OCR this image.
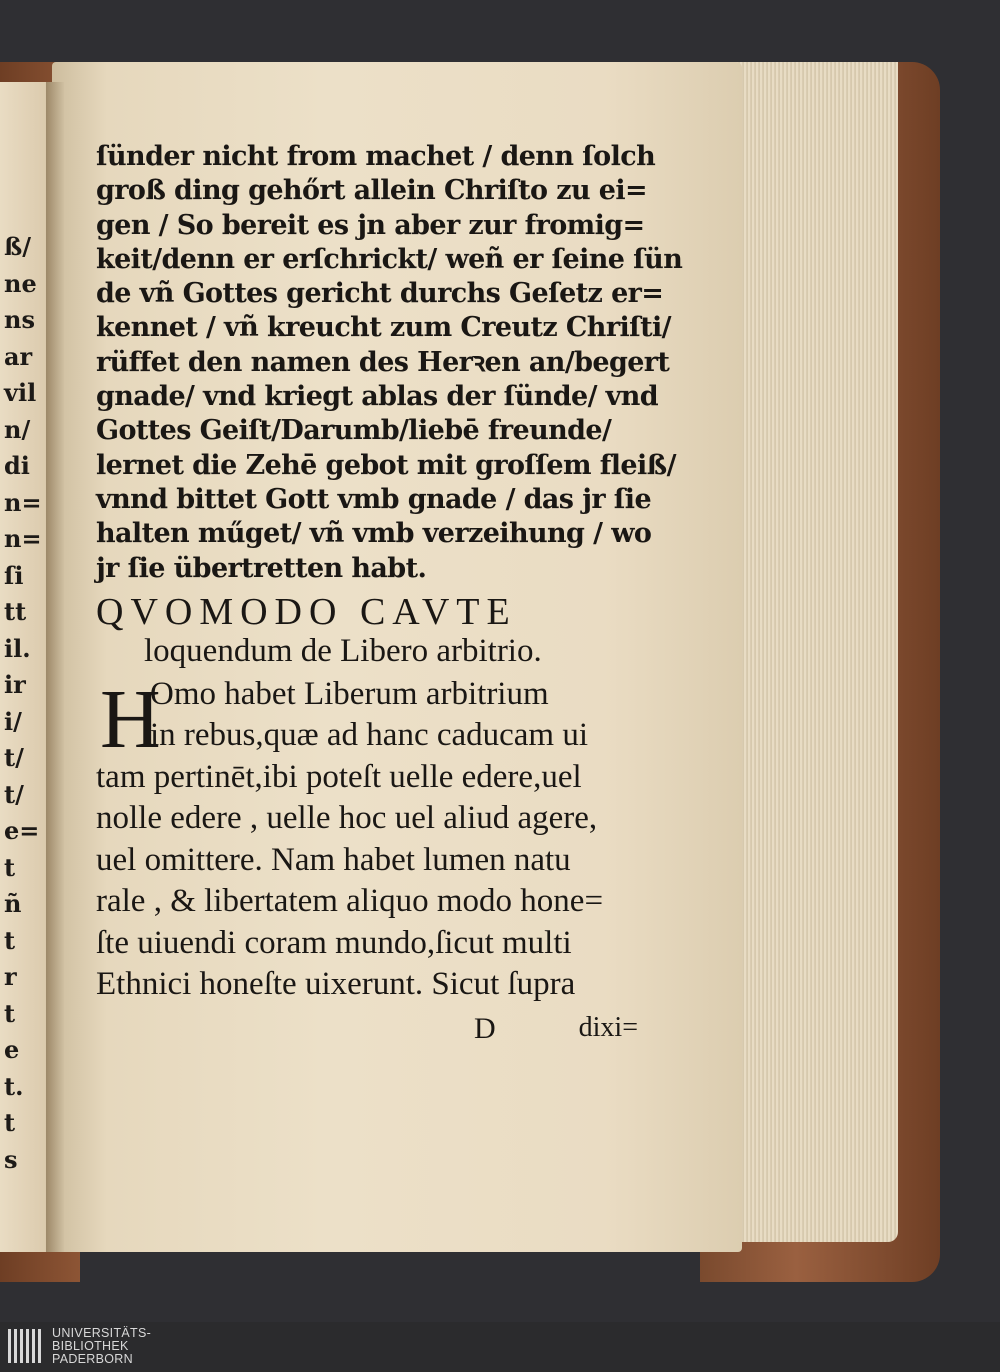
ß/
ne
ns
ar
vil
n/
di
n=
n=
ſi
tt
il.
ir
i/
t/
t/
e=
t
ñ
t
r
t
e
t.
t
s
ſünder nicht from machet / denn ſolch
groß ding gehőrt allein Chriſto zu ei=
gen / So bereit es jn aber zur fromig=
keit/denn er erſchrickt/ weñ er ſeine ſün
de vñ Gottes gericht durchs Geſetz er=
kennet / vñ kreucht zum Creutz Chriſti/
rüffet den namen des Herꝛen an/begert
gnade/ vnd kriegt ablas der ſünde/ vnd
Gottes Geiſt/Darumb/liebē freunde/
lernet die Zehē gebot mit groſſem fleiß/
vnnd bittet Gott vmb gnade / das jr ſie
halten műget/ vñ vmb verzeihung / wo
jr ſie übertretten habt.
QVOMODO CAVTE
loquendum de Libero arbitrio.
H
Omo habet Liberum arbitrium
in rebus,quæ ad hanc caducam ui
tam pertinēt,ibi poteſt uelle edere,uel
nolle edere , uelle hoc uel aliud agere,
uel omittere. Nam habet lumen natu
rale , & libertatem aliquo modo hone=
ſte uiuendi coram mundo,ſicut multi
Ethnici honeſte uixerunt. Sicut ſupra
D	dixi=
UNIVERSITÄTS-
BIBLIOTHEK
PADERBORN
